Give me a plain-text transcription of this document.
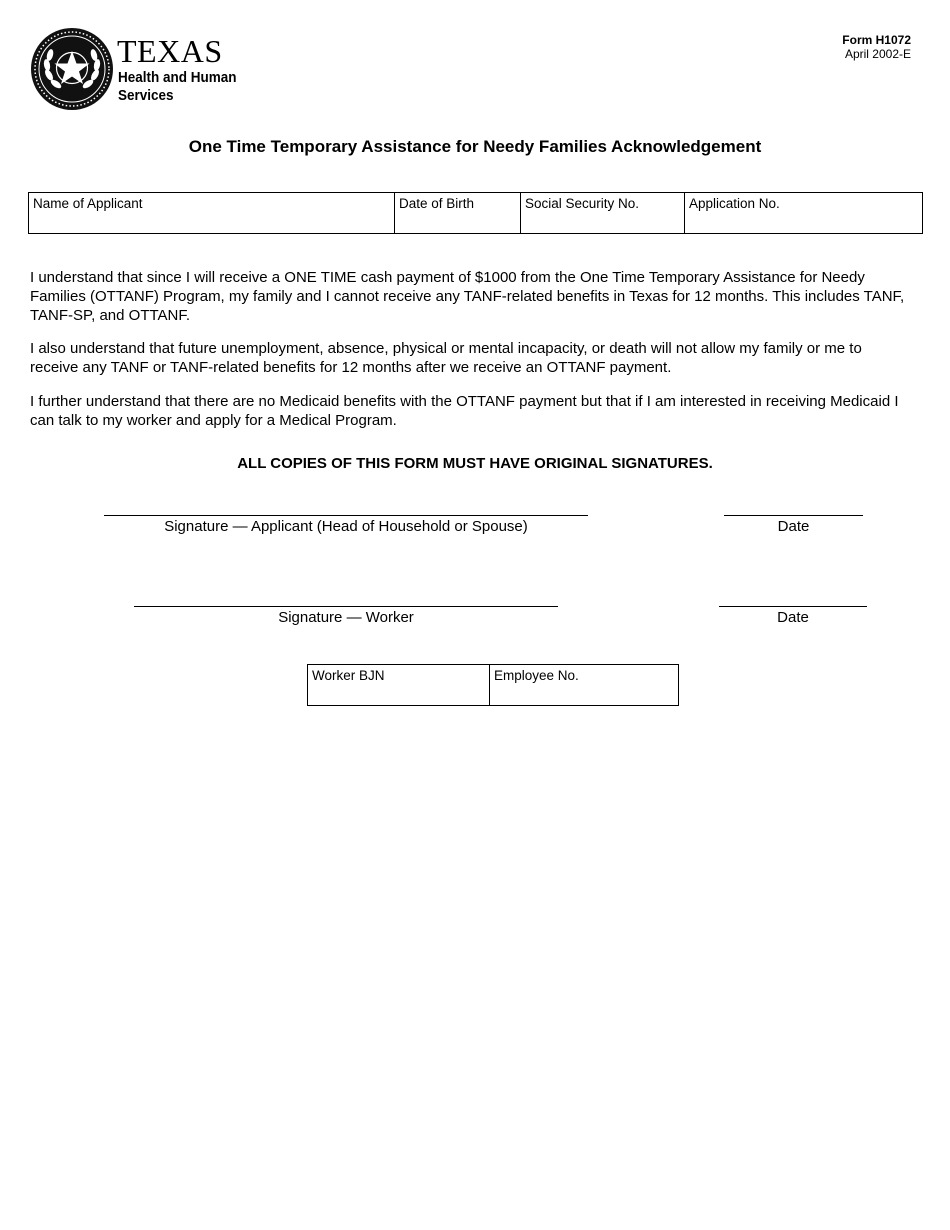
TEXAS
Health and Human
Services
Form H1072
April 2002-E
One Time Temporary Assistance for Needy Families Acknowledgement
Name of Applicant	Date of Birth	Social Security No.	Application No.

I understand that since I will receive a ONE TIME cash payment of $1000 from the One Time Temporary Assistance for Needy Families (OTTANF) Program, my family and I cannot receive any TANF-related benefits in Texas for 12 months. This includes TANF, TANF-SP, and OTTANF.

I also understand that future unemployment, absence, physical or mental incapacity, or death will not allow my family or me to receive any TANF or TANF-related benefits for 12 months after we receive an OTTANF payment.

I further understand that there are no Medicaid benefits with the OTTANF payment but that if I am interested in receiving Medicaid I can talk to my worker and apply for a Medical Program.

ALL COPIES OF THIS FORM MUST HAVE ORIGINAL SIGNATURES.
Signature — Applicant (Head of Household or Spouse)	Date
Signature — Worker	Date
Worker BJN	Employee No.
